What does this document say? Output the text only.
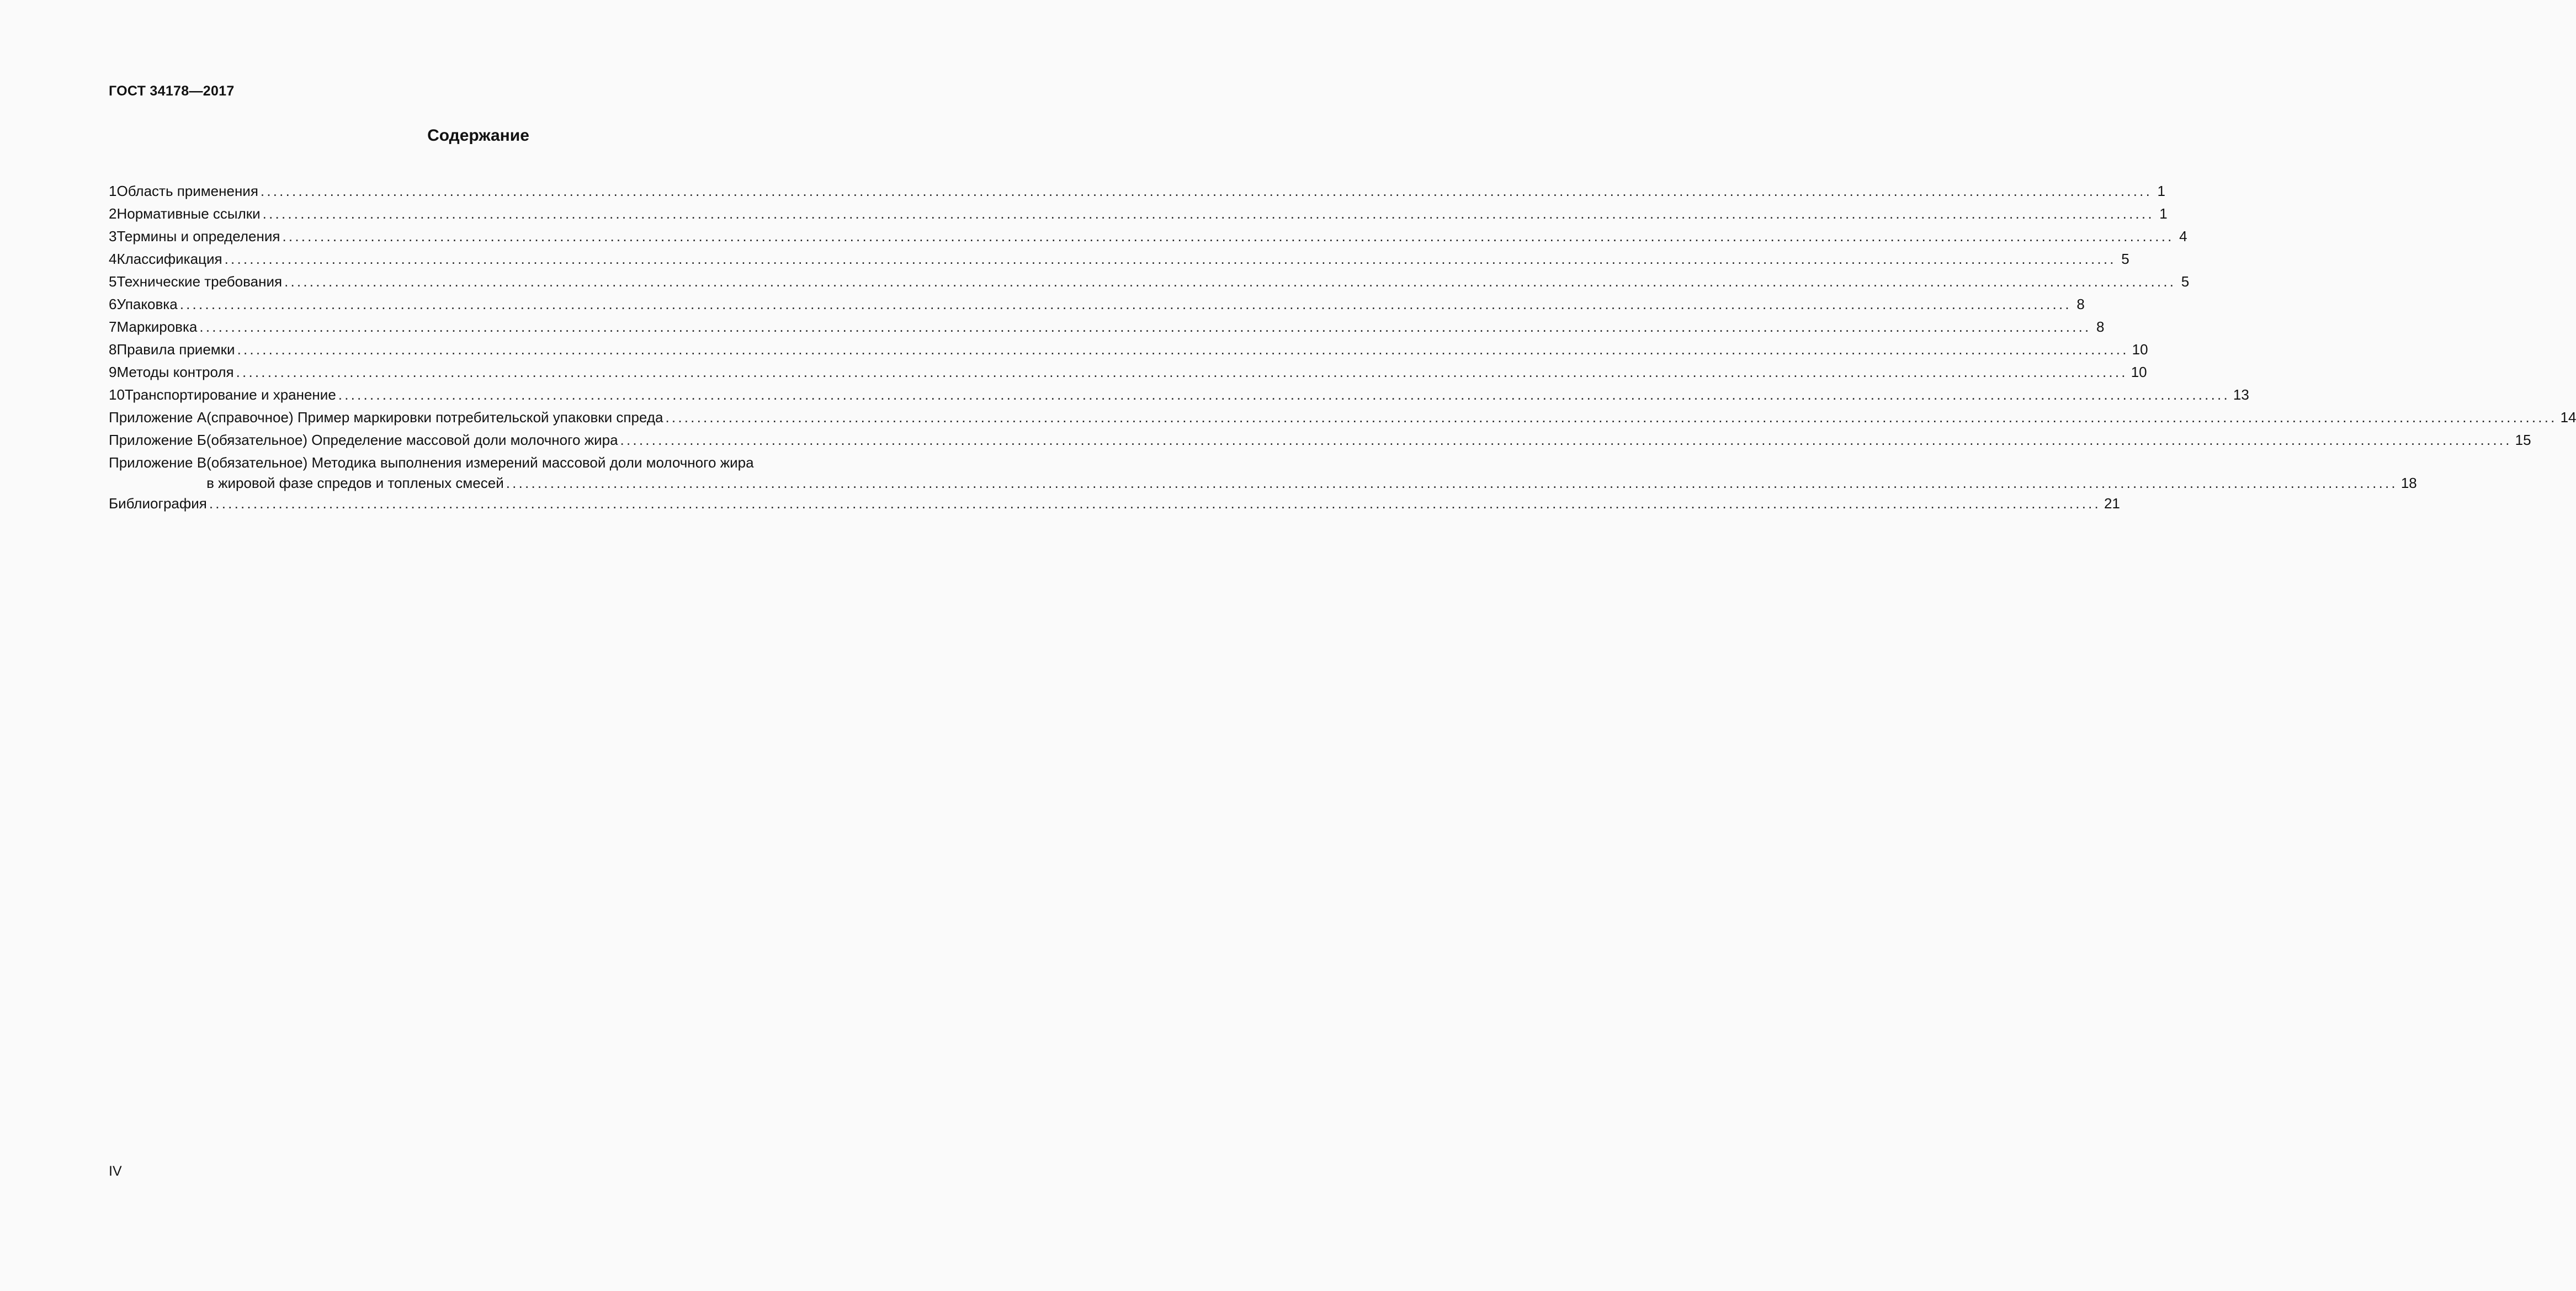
ГОСТ 34178—2017
Содержание
1 Область применения ............................................................................................................................................................................................................................................................................................................ 1
2 Нормативные ссылки ............................................................................................................................................................................................................................................................................................................ 1
3 Термины и определения ............................................................................................................................................................................................................................................................................................................ 4
4 Классификация ............................................................................................................................................................................................................................................................................................................ 5
5 Технические требования ............................................................................................................................................................................................................................................................................................................ 5
6 Упаковка ............................................................................................................................................................................................................................................................................................................ 8
7 Маркировка ............................................................................................................................................................................................................................................................................................................ 8
8 Правила приемки ............................................................................................................................................................................................................................................................................................................ 10
9 Методы контроля ............................................................................................................................................................................................................................................................................................................ 10
10 Транспортирование и хранение ............................................................................................................................................................................................................................................................................................................ 13
Приложение А (справочное) Пример маркировки потребительской упаковки спреда ............................................................................................................................................................................................................................................................................................................ 14
Приложение Б (обязательное) Определение массовой доли молочного жира ............................................................................................................................................................................................................................................................................................................ 15
Приложение В (обязательное) Методика выполнения измерений массовой доли молочного жира
в жировой фазе спредов и топленых смесей ............................................................................................................................................................................................................................................................................................................ 18
Библиография ............................................................................................................................................................................................................................................................................................................ 21
IV
